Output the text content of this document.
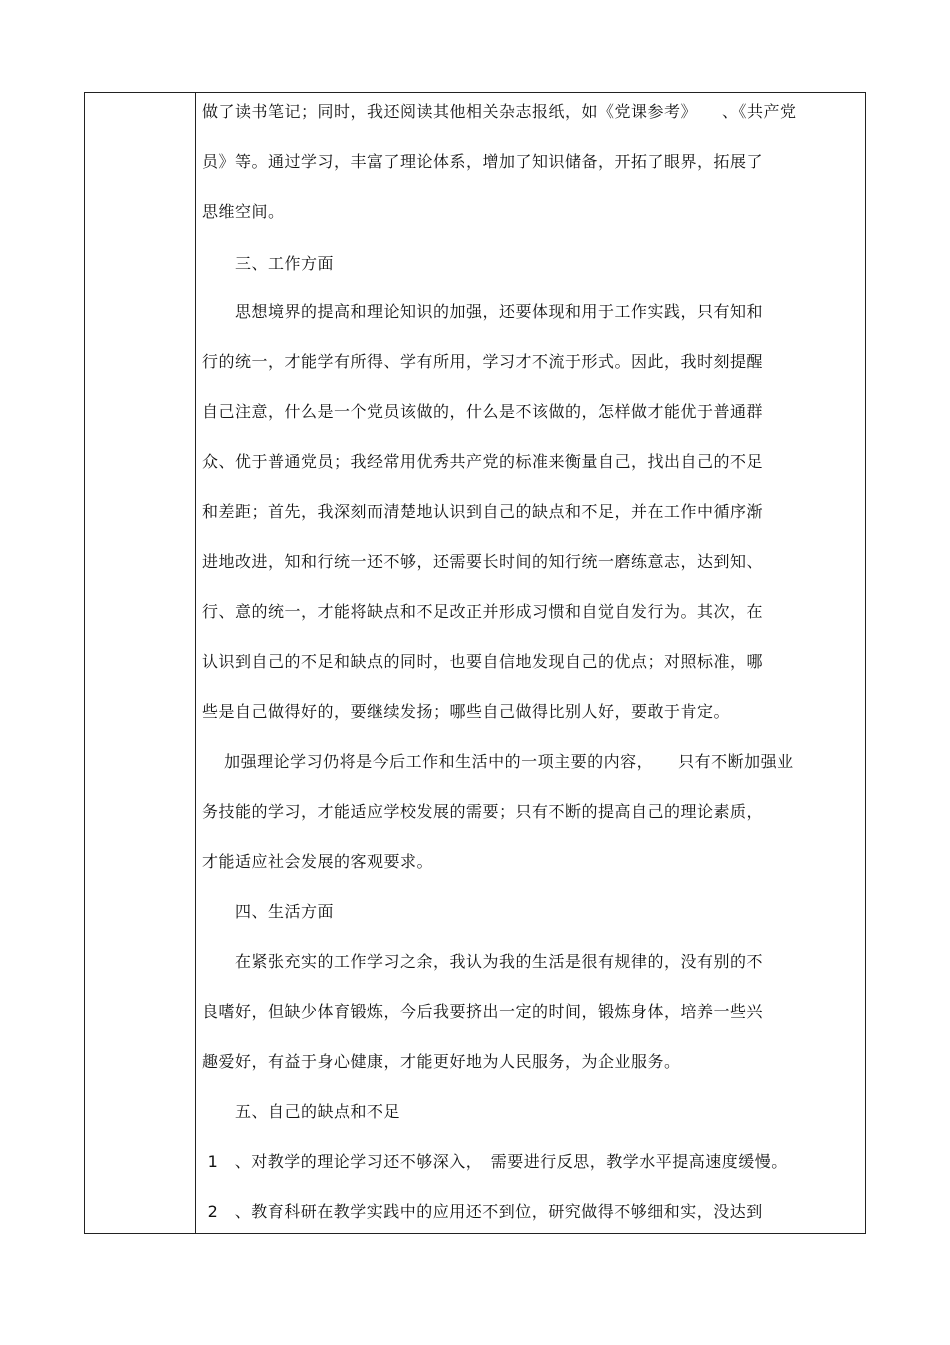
做了读书笔记；同时，我还阅读其他相关杂志报纸，如《党课参考》　　、《共产党
员》等。通过学习，丰富了理论体系，增加了知识储备，开拓了眼界，拓展了
思维空间。
　　三、工作方面
　　思想境界的提高和理论知识的加强，还要体现和用于工作实践，只有知和
行的统一，才能学有所得、学有所用，学习才不流于形式。因此，我时刻提醒
自己注意，什么是一个党员该做的，什么是不该做的，怎样做才能优于普通群
众、优于普通党员；我经常用优秀共产党的标准来衡量自己，找出自己的不足
和差距；首先，我深刻而清楚地认识到自己的缺点和不足，并在工作中循序渐
进地改进，知和行统一还不够，还需要长时间的知行统一磨练意志，达到知、
行、意的统一，才能将缺点和不足改正并形成习惯和自觉自发行为。其次，在
认识到自己的不足和缺点的同时，也要自信地发现自己的优点；对照标准，哪
些是自己做得好的，要继续发扬；哪些自己做得比别人好，要敢于肯定。
　 加强理论学习仍将是今后工作和生活中的一项主要的内容，　　只有不断加强业
务技能的学习，才能适应学校发展的需要；只有不断的提高自己的理论素质，
才能适应社会发展的客观要求。
　　四、生活方面
　　在紧张充实的工作学习之余，我认为我的生活是很有规律的，没有别的不
良嗜好，但缺少体育锻炼，今后我要挤出一定的时间，锻炼身体，培养一些兴
趣爱好，有益于身心健康，才能更好地为人民服务，为企业服务。
　　五、自己的缺点和不足
1　、对教学的理论学习还不够深入，　需要进行反思，教学水平提高速度缓慢。
2　、教育科研在教学实践中的应用还不到位，研究做得不够细和实，没达到
